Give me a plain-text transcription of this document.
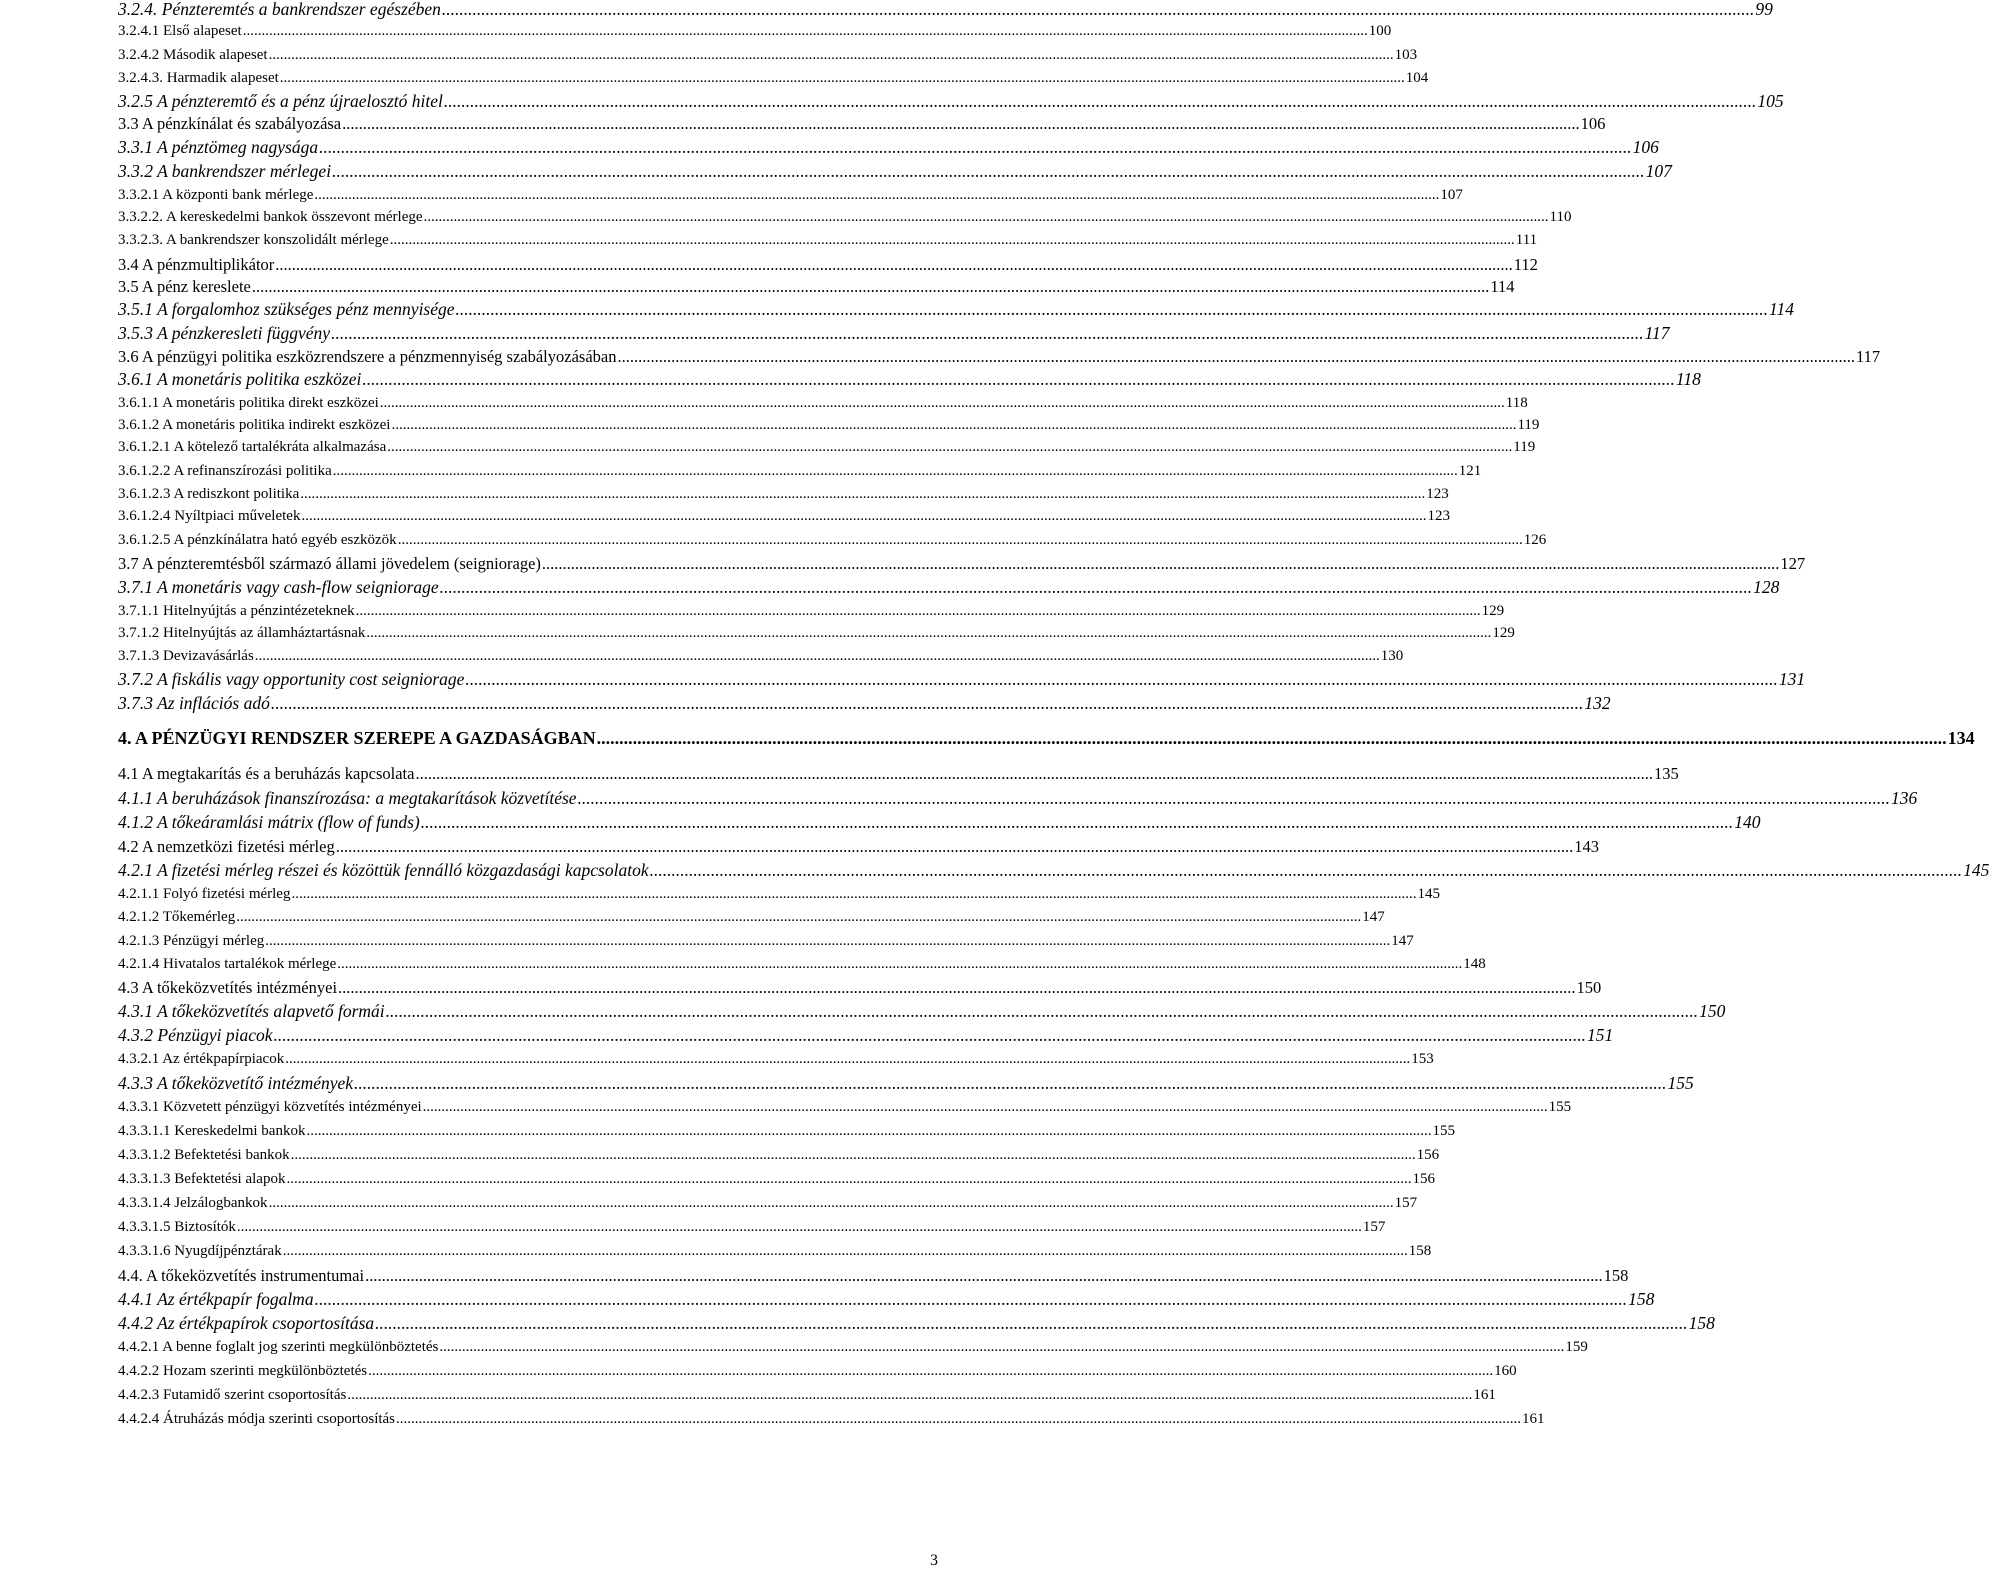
3.2.4. Pénzteremtés a bankrendszer egészében ............................................................................................................................................................................................................................................................................................................ 99
3.2.4.1 Első alapeset ............................................................................................................................................................................................................................................................................................................ 100
3.2.4.2 Második alapeset ............................................................................................................................................................................................................................................................................................................ 103
3.2.4.3. Harmadik alapeset ............................................................................................................................................................................................................................................................................................................ 104
3.2.5 A pénzteremtő és a pénz újraelosztó hitel ............................................................................................................................................................................................................................................................................................................ 105
3.3 A pénzkínálat és szabályozása ............................................................................................................................................................................................................................................................................................................ 106
3.3.1 A pénztömeg nagysága ............................................................................................................................................................................................................................................................................................................ 106
3.3.2 A bankrendszer mérlegei ............................................................................................................................................................................................................................................................................................................ 107
3.3.2.1 A központi bank mérlege ............................................................................................................................................................................................................................................................................................................ 107
3.3.2.2. A kereskedelmi bankok összevont mérlege ............................................................................................................................................................................................................................................................................................................ 110
3.3.2.3. A bankrendszer konszolidált mérlege ............................................................................................................................................................................................................................................................................................................ 111
3.4 A pénzmultiplikátor ............................................................................................................................................................................................................................................................................................................ 112
3.5 A pénz kereslete ............................................................................................................................................................................................................................................................................................................ 114
3.5.1 A forgalomhoz szükséges pénz mennyisége ............................................................................................................................................................................................................................................................................................................ 114
3.5.3 A pénzkeresleti függvény ............................................................................................................................................................................................................................................................................................................ 117
3.6 A pénzügyi politika eszközrendszere a pénzmennyiség szabályozásában ............................................................................................................................................................................................................................................................................................................ 117
3.6.1 A monetáris politika eszközei ............................................................................................................................................................................................................................................................................................................ 118
3.6.1.1 A monetáris politika direkt eszközei ............................................................................................................................................................................................................................................................................................................ 118
3.6.1.2 A monetáris politika indirekt eszközei ............................................................................................................................................................................................................................................................................................................ 119
3.6.1.2.1 A kötelező tartalékráta alkalmazása ............................................................................................................................................................................................................................................................................................................ 119
3.6.1.2.2 A refinanszírozási politika ............................................................................................................................................................................................................................................................................................................ 121
3.6.1.2.3 A rediszkont politika ............................................................................................................................................................................................................................................................................................................ 123
3.6.1.2.4 Nyíltpiaci műveletek ............................................................................................................................................................................................................................................................................................................ 123
3.6.1.2.5 A pénzkínálatra ható egyéb eszközök ............................................................................................................................................................................................................................................................................................................ 126
3.7 A pénzteremtésből származó állami jövedelem (seigniorage) ............................................................................................................................................................................................................................................................................................................ 127
3.7.1 A monetáris vagy cash-flow seigniorage ............................................................................................................................................................................................................................................................................................................ 128
3.7.1.1 Hitelnyújtás a pénzintézeteknek ............................................................................................................................................................................................................................................................................................................ 129
3.7.1.2 Hitelnyújtás az államháztartásnak ............................................................................................................................................................................................................................................................................................................ 129
3.7.1.3 Devizavásárlás ............................................................................................................................................................................................................................................................................................................ 130
3.7.2 A fiskális vagy opportunity cost seigniorage ............................................................................................................................................................................................................................................................................................................ 131
3.7.3 Az inflációs adó ............................................................................................................................................................................................................................................................................................................ 132
4. A PÉNZÜGYI RENDSZER SZEREPE A GAZDASÁGBAN ............................................................................................................................................................................................................................................................................................................ 134
4.1 A megtakarítás és a beruházás kapcsolata ............................................................................................................................................................................................................................................................................................................ 135
4.1.1 A beruházások finanszírozása: a megtakarítások közvetítése ............................................................................................................................................................................................................................................................................................................ 136
4.1.2 A tőkeáramlási mátrix (flow of funds) ............................................................................................................................................................................................................................................................................................................ 140
4.2 A nemzetközi fizetési mérleg ............................................................................................................................................................................................................................................................................................................ 143
4.2.1 A fizetési mérleg részei és közöttük fennálló közgazdasági kapcsolatok ............................................................................................................................................................................................................................................................................................................ 145
4.2.1.1 Folyó fizetési mérleg ............................................................................................................................................................................................................................................................................................................ 145
4.2.1.2 Tőkemérleg ............................................................................................................................................................................................................................................................................................................ 147
4.2.1.3 Pénzügyi mérleg ............................................................................................................................................................................................................................................................................................................ 147
4.2.1.4 Hivatalos tartalékok mérlege ............................................................................................................................................................................................................................................................................................................ 148
4.3 A tőkeközvetítés intézményei ............................................................................................................................................................................................................................................................................................................ 150
4.3.1 A tőkeközvetítés alapvető formái ............................................................................................................................................................................................................................................................................................................ 150
4.3.2 Pénzügyi piacok ............................................................................................................................................................................................................................................................................................................ 151
4.3.2.1 Az értékpapírpiacok ............................................................................................................................................................................................................................................................................................................ 153
4.3.3 A tőkeközvetítő intézmények ............................................................................................................................................................................................................................................................................................................ 155
4.3.3.1 Közvetett pénzügyi közvetítés intézményei ............................................................................................................................................................................................................................................................................................................ 155
4.3.3.1.1 Kereskedelmi bankok ............................................................................................................................................................................................................................................................................................................ 155
4.3.3.1.2 Befektetési bankok ............................................................................................................................................................................................................................................................................................................ 156
4.3.3.1.3 Befektetési alapok ............................................................................................................................................................................................................................................................................................................ 156
4.3.3.1.4 Jelzálogbankok ............................................................................................................................................................................................................................................................................................................ 157
4.3.3.1.5 Biztosítók ............................................................................................................................................................................................................................................................................................................ 157
4.3.3.1.6 Nyugdíjpénztárak ............................................................................................................................................................................................................................................................................................................ 158
4.4. A tőkeközvetítés instrumentumai ............................................................................................................................................................................................................................................................................................................ 158
4.4.1 Az értékpapír fogalma ............................................................................................................................................................................................................................................................................................................ 158
4.4.2 Az értékpapírok csoportosítása ............................................................................................................................................................................................................................................................................................................ 158
4.4.2.1 A benne foglalt jog szerinti megkülönböztetés ............................................................................................................................................................................................................................................................................................................ 159
4.4.2.2 Hozam szerinti megkülönböztetés ............................................................................................................................................................................................................................................................................................................ 160
4.4.2.3 Futamidő szerint csoportosítás ............................................................................................................................................................................................................................................................................................................ 161
4.4.2.4 Átruházás módja szerinti csoportosítás ............................................................................................................................................................................................................................................................................................................ 161
3
